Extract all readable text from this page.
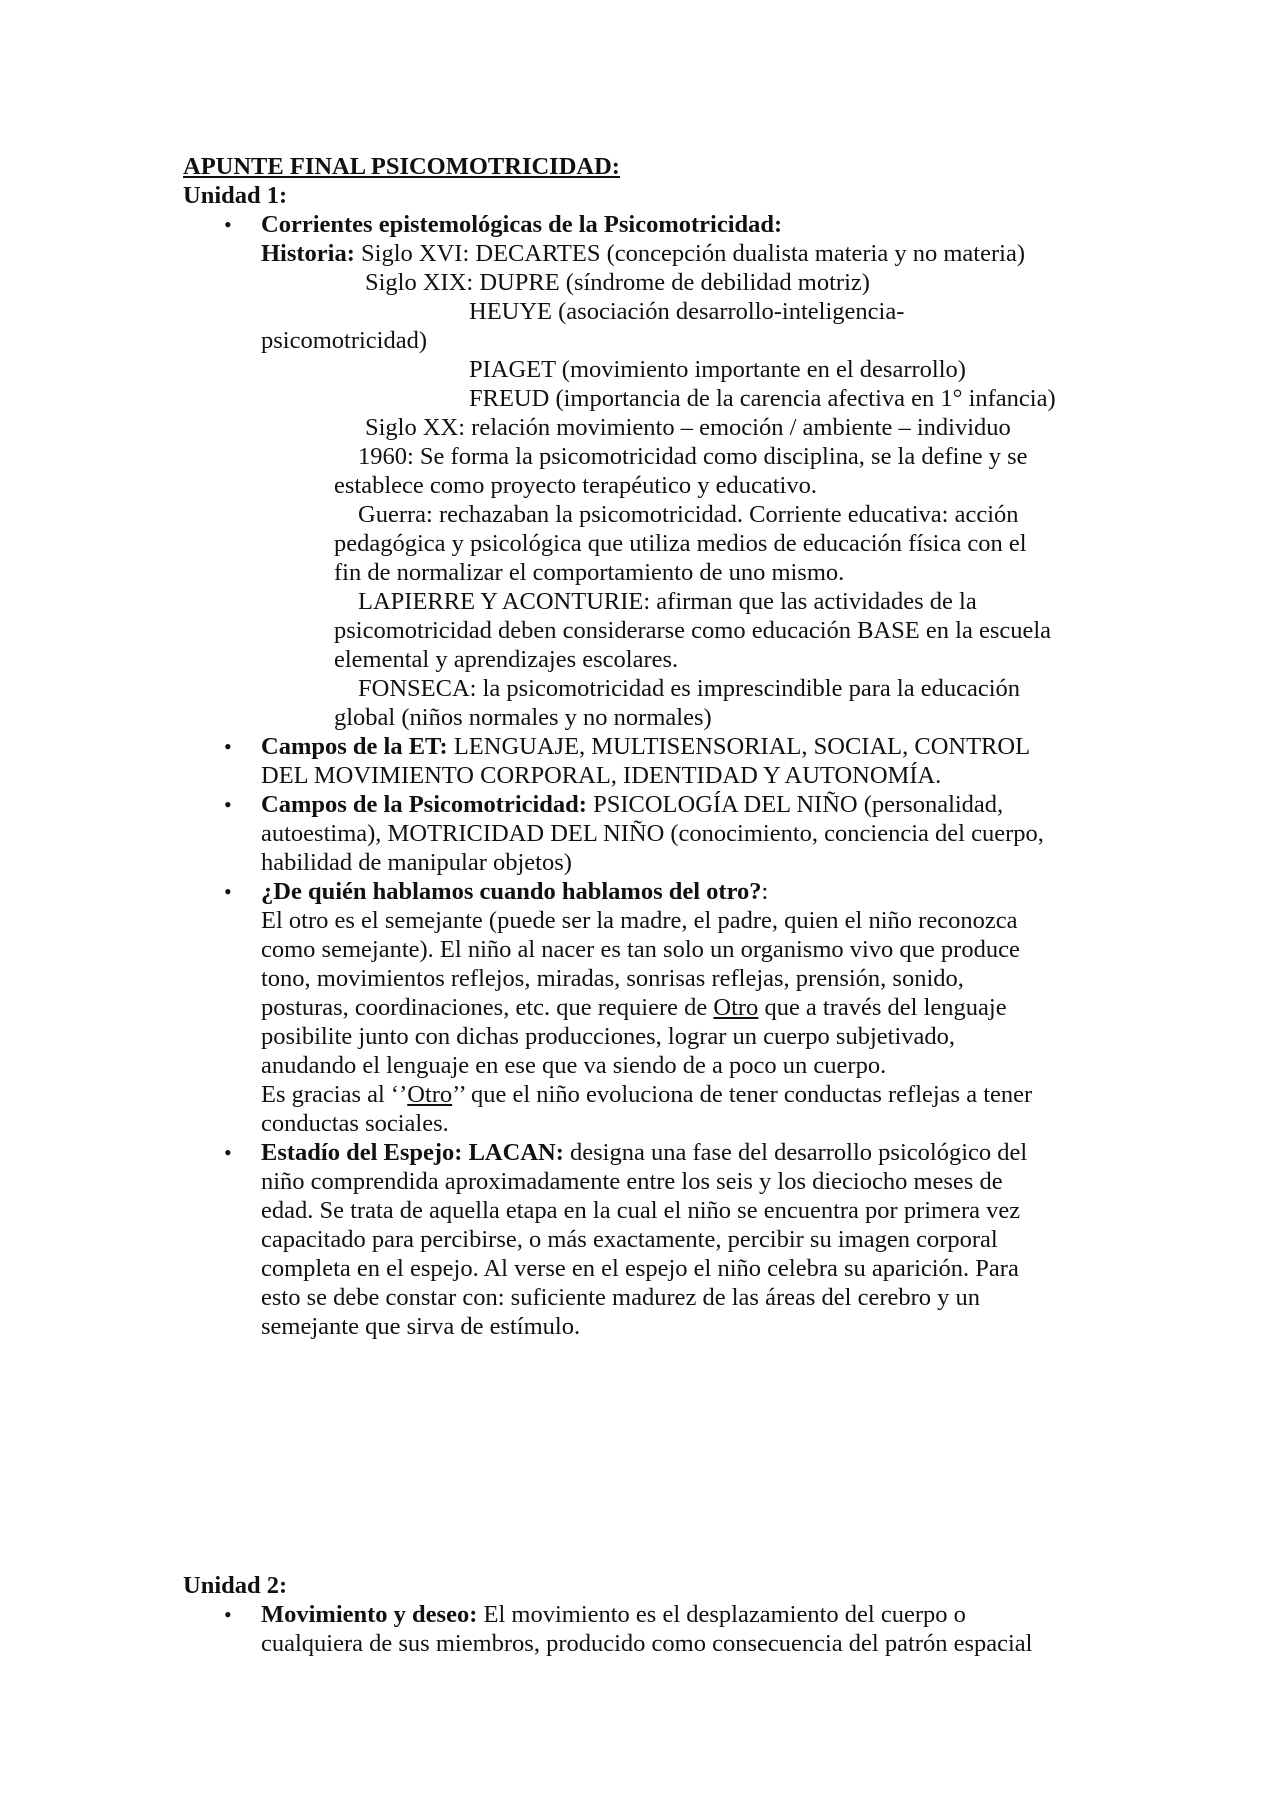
APUNTE FINAL PSICOMOTRICIDAD:
Unidad 1:
•
Corrientes epistemológicas de la Psicomotricidad:
Historia: Siglo XVI: DECARTES (concepción dualista materia y no materia)
Siglo XIX: DUPRE (síndrome de debilidad motriz)
HEUYE (asociación desarrollo-inteligencia-
psicomotricidad)
PIAGET (movimiento importante en el desarrollo)
FREUD (importancia de la carencia afectiva en 1° infancia)
Siglo XX: relación movimiento – emoción / ambiente – individuo
1960: Se forma la psicomotricidad como disciplina, se la define y se
establece como proyecto terapéutico y educativo.
Guerra: rechazaban la psicomotricidad. Corriente educativa: acción
pedagógica y psicológica que utiliza medios de educación física con el
fin de normalizar el comportamiento de uno mismo.
LAPIERRE Y ACONTURIE: afirman que las actividades de la
psicomotricidad deben considerarse como educación BASE en la escuela
elemental y aprendizajes escolares.
FONSECA: la psicomotricidad es imprescindible para la educación
global (niños normales y no normales)
•
Campos de la ET: LENGUAJE, MULTISENSORIAL, SOCIAL, CONTROL
DEL MOVIMIENTO CORPORAL, IDENTIDAD Y AUTONOMÍA.
•
Campos de la Psicomotricidad: PSICOLOGÍA DEL NIÑO (personalidad,
autoestima), MOTRICIDAD DEL NIÑO (conocimiento, conciencia del cuerpo,
habilidad de manipular objetos)
•
¿De quién hablamos cuando hablamos del otro?:
El otro es el semejante (puede ser la madre, el padre, quien el niño reconozca
como semejante). El niño al nacer es tan solo un organismo vivo que produce
tono, movimientos reflejos, miradas, sonrisas reflejas, prensión, sonido,
posturas, coordinaciones, etc. que requiere de Otro que a través del lenguaje
posibilite junto con dichas producciones, lograr un cuerpo subjetivado,
anudando el lenguaje en ese que va siendo de a poco un cuerpo.
Es gracias al ‘’Otro’’ que el niño evoluciona de tener conductas reflejas a tener
conductas sociales.
•
Estadío del Espejo: LACAN: designa una fase del desarrollo psicológico del
niño comprendida aproximadamente entre los seis y los dieciocho meses de
edad. Se trata de aquella etapa en la cual el niño se encuentra por primera vez
capacitado para percibirse, o más exactamente, percibir su imagen corporal
completa en el espejo. Al verse en el espejo el niño celebra su aparición. Para
esto se debe constar con: suficiente madurez de las áreas del cerebro y un
semejante que sirva de estímulo.
Unidad 2:
•
Movimiento y deseo: El movimiento es el desplazamiento del cuerpo o
cualquiera de sus miembros, producido como consecuencia del patrón espacial
